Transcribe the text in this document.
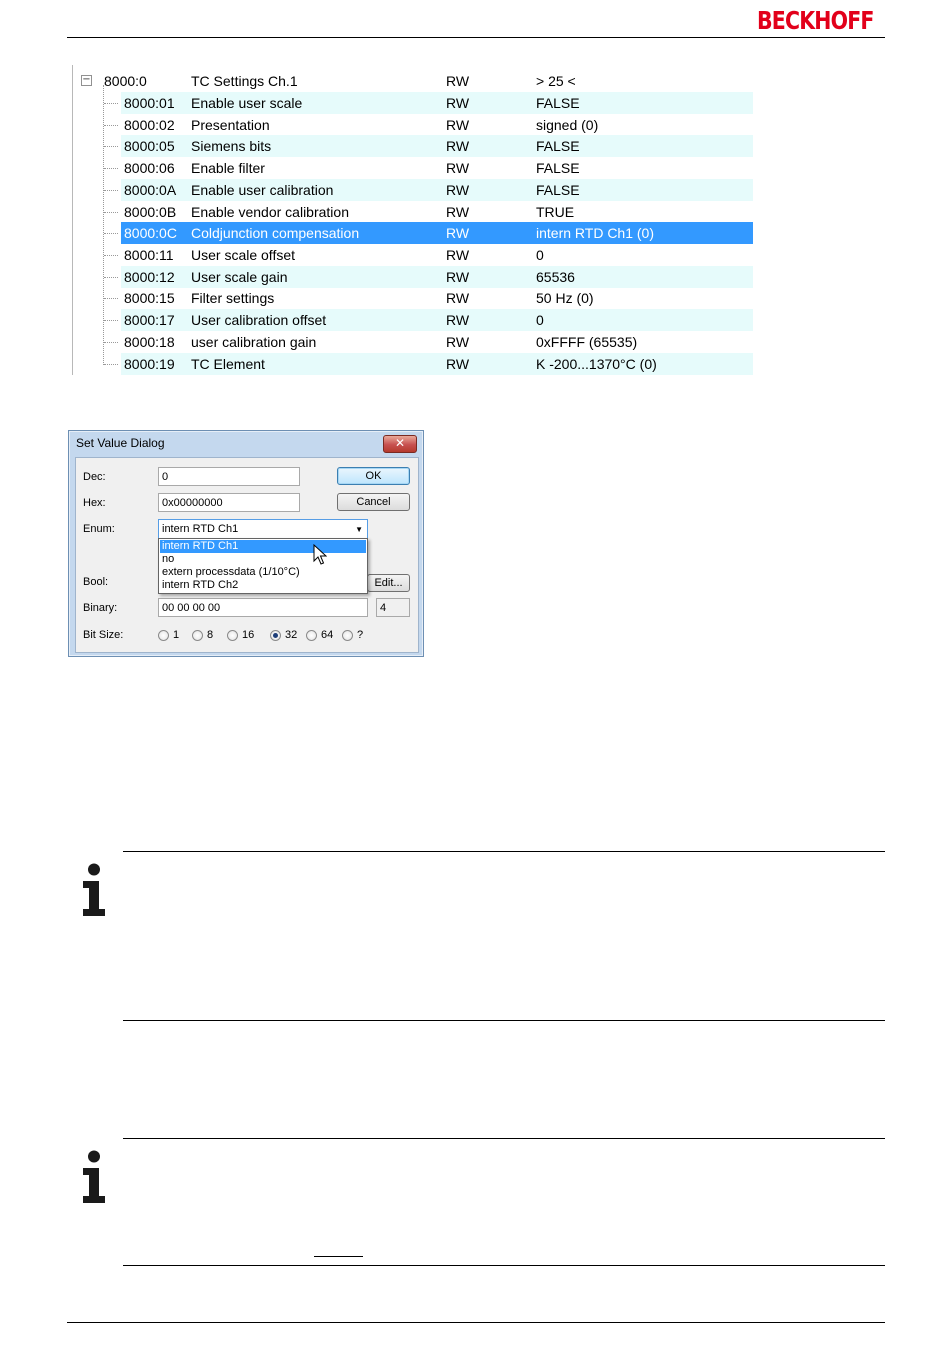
BECKHOFF
− 8000:0	TC Settings Ch.1	RW	> 25 <
8000:01 Enable user scale	RW	FALSE
8000:02 Presentation	RW	signed (0)
8000:05 Siemens bits	RW	FALSE
8000:06 Enable filter	RW	FALSE
8000:0A Enable user calibration	RW	FALSE
8000:0B Enable vendor calibration	RW	TRUE
8000:0C Coldjunction compensation	RW	intern RTD Ch1 (0)
8000:11 User scale offset	RW	0
8000:12 User scale gain	RW	65536
8000:15 Filter settings	RW	50 Hz (0)
8000:17 User calibration offset	RW	0
8000:18 user calibration gain	RW	0xFFFF (65535)
8000:19 TC Element	RW	K -200...1370°C (0)
Set Value Dialog	✕
Dec:	0	OK
Hex:	0x00000000	Cancel
Enum:	intern RTD Ch1	▼
Bool:	Edit...
Binary:	00 00 00 00	4
Bit Size:	1	8	16	32 64 ?
intern RTD Ch1
no
extern processdata (1/10°C)
intern RTD Ch2
